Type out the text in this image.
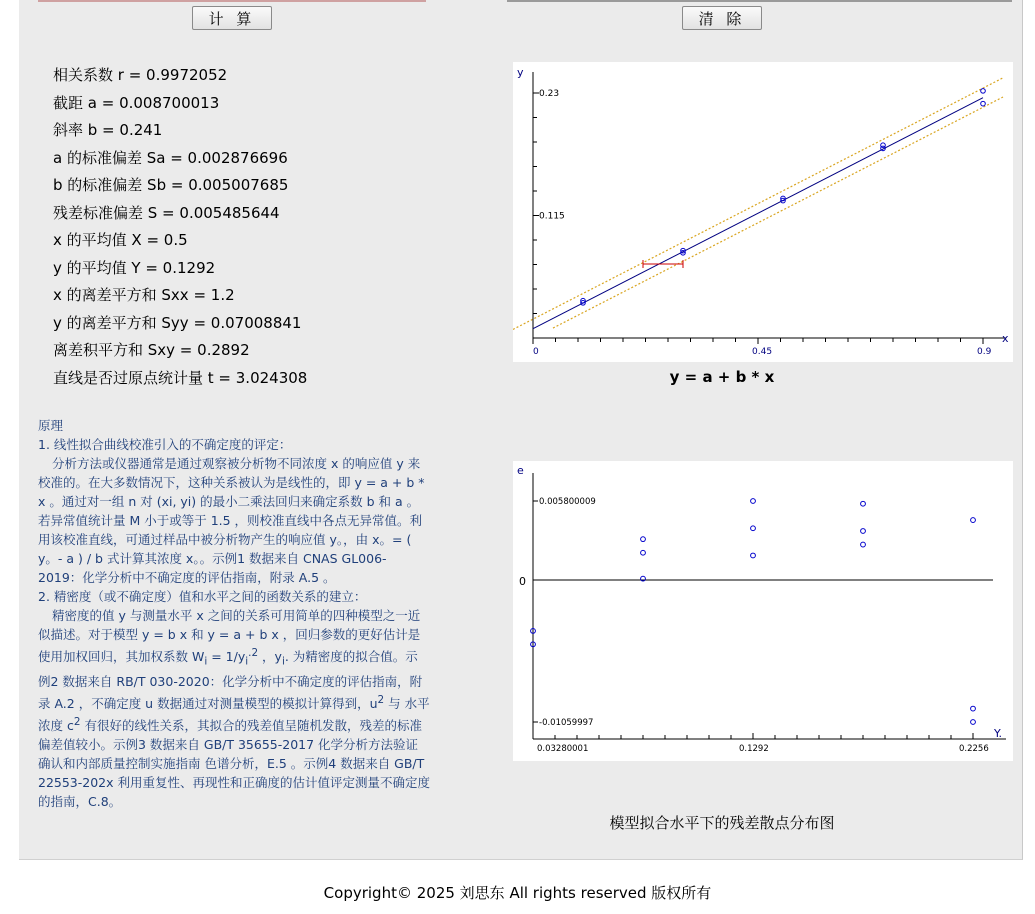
计 算	清 除
相关系数 r = 0.9972052
截距 a = 0.008700013
斜率 b = 0.241
a 的标准偏差 Sa = 0.002876696
b 的标准偏差 Sb = 0.005007685
残差标准偏差 S = 0.005485644
x 的平均值 X = 0.5
y 的平均值 Y = 0.1292
x 的离差平方和 Sxx = 1.2
y 的离差平方和 Syy = 0.07008841
离差积平方和 Sxy = 0.2892
直线是否过原点统计量 t = 3.024308

原理

1. 线性拟合曲线校准引入的不确定度的评定：

分析方法或仪器通常是通过观察被分析物不同浓度 x 的响应值 y 来校准的。在大多数情况下，这种关系被认为是线性的，即 y = a + b * x 。通过对一组 n 对 (xi, yi) 的最小二乘法回归来确定系数 b 和 a 。若异常值统计量 M 小于或等于 1.5 ，则校准直线中各点无异常值。利用该校准直线，可通过样品中被分析物产生的响应值 y。，由 x。= ( y。- a ) / b 式计算其浓度 x。。示例1 数据来自 CNAS GL006-2019：化学分析中不确定度的评估指南，附录 A.5 。

2. 精密度（或不确定度）值和水平之间的函数关系的建立：

精密度的值 y 与测量水平 x 之间的关系可用简单的四种模型之一近似描述。对于模型 y = b x 和 y = a + b x ，回归参数的更好估计是使用加权回归，其加权系数 $W_i = 1/y_i^{.2}$ ，$y_i$. 为精密度的拟合值。示例2 数据来自 RB/T 030-2020：化学分析中不确定度的评估指南，附录 A.2 ，不确定度 u 数据通过对测量模型的模拟计算得到，$u^2$ 与 水平浓度 $c^2$ 有很好的线性关系，其拟合的残差值呈随机发散，残差的标准偏差值较小。示例3 数据来自 GB/T 35655-2017 化学分析方法验证确认和内部质量控制实施指南 色谱分析，E.5 。示例4 数据来自 GB/T 22553-202x 利用重复性、再现性和正确度的估计值评定测量不确定度的指南，C.8。

0	0.45	0.9
0.23
0.115
x
y
y = a + b * x
0.03280001	0.1292	0.2256
0.005800009
0
-0.01059997
Y.
e
模型拟合水平下的残差散点分布图
Copyright© 2025 刘思东 All rights reserved 版权所有
